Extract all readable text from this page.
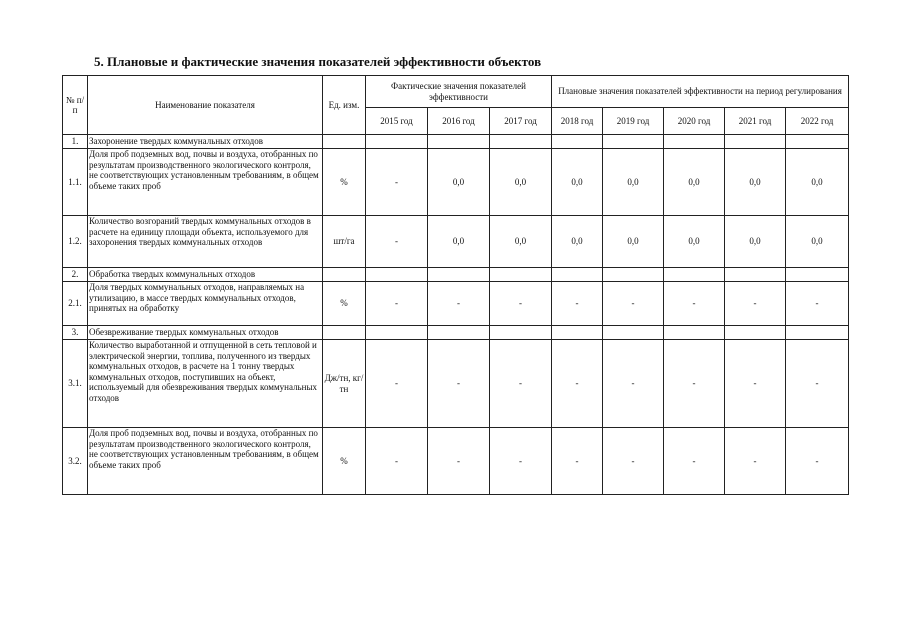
5. Плановые и фактические значения показателей эффективности объектов
№ п/п	Наименование показателя	Ед. изм.	Фактические значения показателей эффективности			Плановые значения показателей эффективности на период регулирования				
			2015 год	2016 год	2017 год	2018 год	2019 год	2020 год	2021 год	2022 год
1.	Захоронение твердых коммунальных отходов									
1.1.	Доля проб подземных вод, почвы и воздуха, отобранных по результатам производственного экологического контроля, не соответствующих установленным требованиям, в общем объеме таких проб	%	-	0,0	0,0	0,0	0,0	0,0	0,0	0,0
1.2.	Количество возгораний твердых коммунальных отходов в расчете на единицу площади объекта, используемого для захоронения твердых коммунальных отходов	шт/га	-	0,0	0,0	0,0	0,0	0,0	0,0	0,0
2.	Обработка твердых коммунальных отходов									
2.1.	Доля твердых коммунальных отходов, направляемых на утилизацию, в массе твердых коммунальных отходов, принятых на обработку	%	-	-	-	-	-	-	-	-
3.	Обезвреживание твердых коммунальных отходов									
3.1.	Количество выработанной и отпущенной в сеть тепловой и электрической энергии, топлива, полученного из твердых коммунальных отходов, в расчете на 1 тонну твердых коммунальных отходов, поступивших на объект, используемый для обезвреживания твердых коммунальных отходов	Дж/тн, кг/тн	-	-	-	-	-	-	-	-
3.2.	Доля проб подземных вод, почвы и воздуха, отобранных по результатам производственного экологического контроля, не соответствующих установленным требованиям, в общем объеме таких проб	%	-	-	-	-	-	-	-	-
